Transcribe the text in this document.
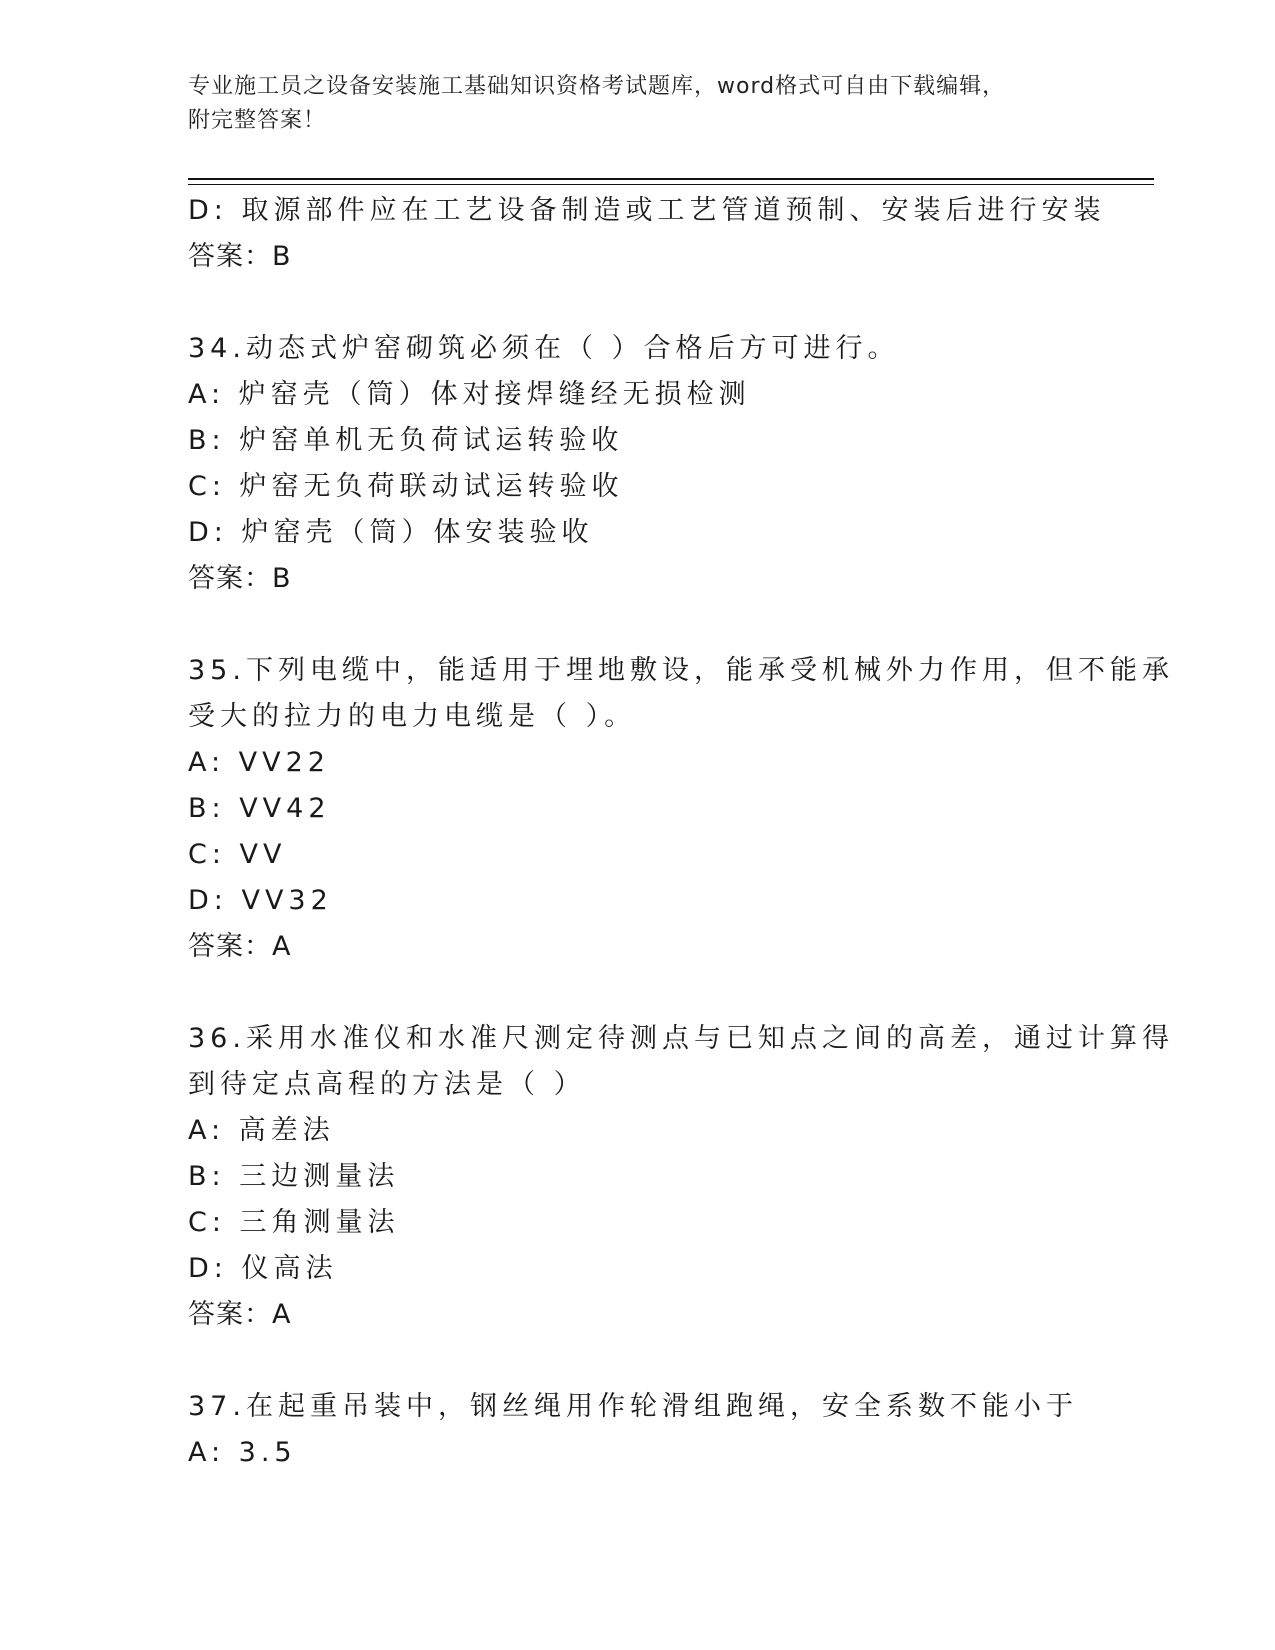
专业施工员之设备安装施工基础知识资格考试题库，word格式可自由下载编辑，
附完整答案！
D: 取源部件应在工艺设备制造或工艺管道预制、安装后进行安装
答案：B
34.动态式炉窑砌筑必须在（ ）合格后方可进行。
A: 炉窑壳（筒）体对接焊缝经无损检测
B: 炉窑单机无负荷试运转验收
C: 炉窑无负荷联动试运转验收
D: 炉窑壳（筒）体安装验收
答案：B
35.下列电缆中，能适用于埋地敷设，能承受机械外力作用，但不能承
受大的拉力的电力电缆是（ ）。
A: VV22
B: VV42
C: VV
D: VV32
答案：A
36.采用水准仪和水准尺测定待测点与已知点之间的高差，通过计算得
到待定点高程的方法是（ ）
A: 高差法
B: 三边测量法
C: 三角测量法
D: 仪高法
答案：A
37.在起重吊装中，钢丝绳用作轮滑组跑绳，安全系数不能小于
A: 3.5
